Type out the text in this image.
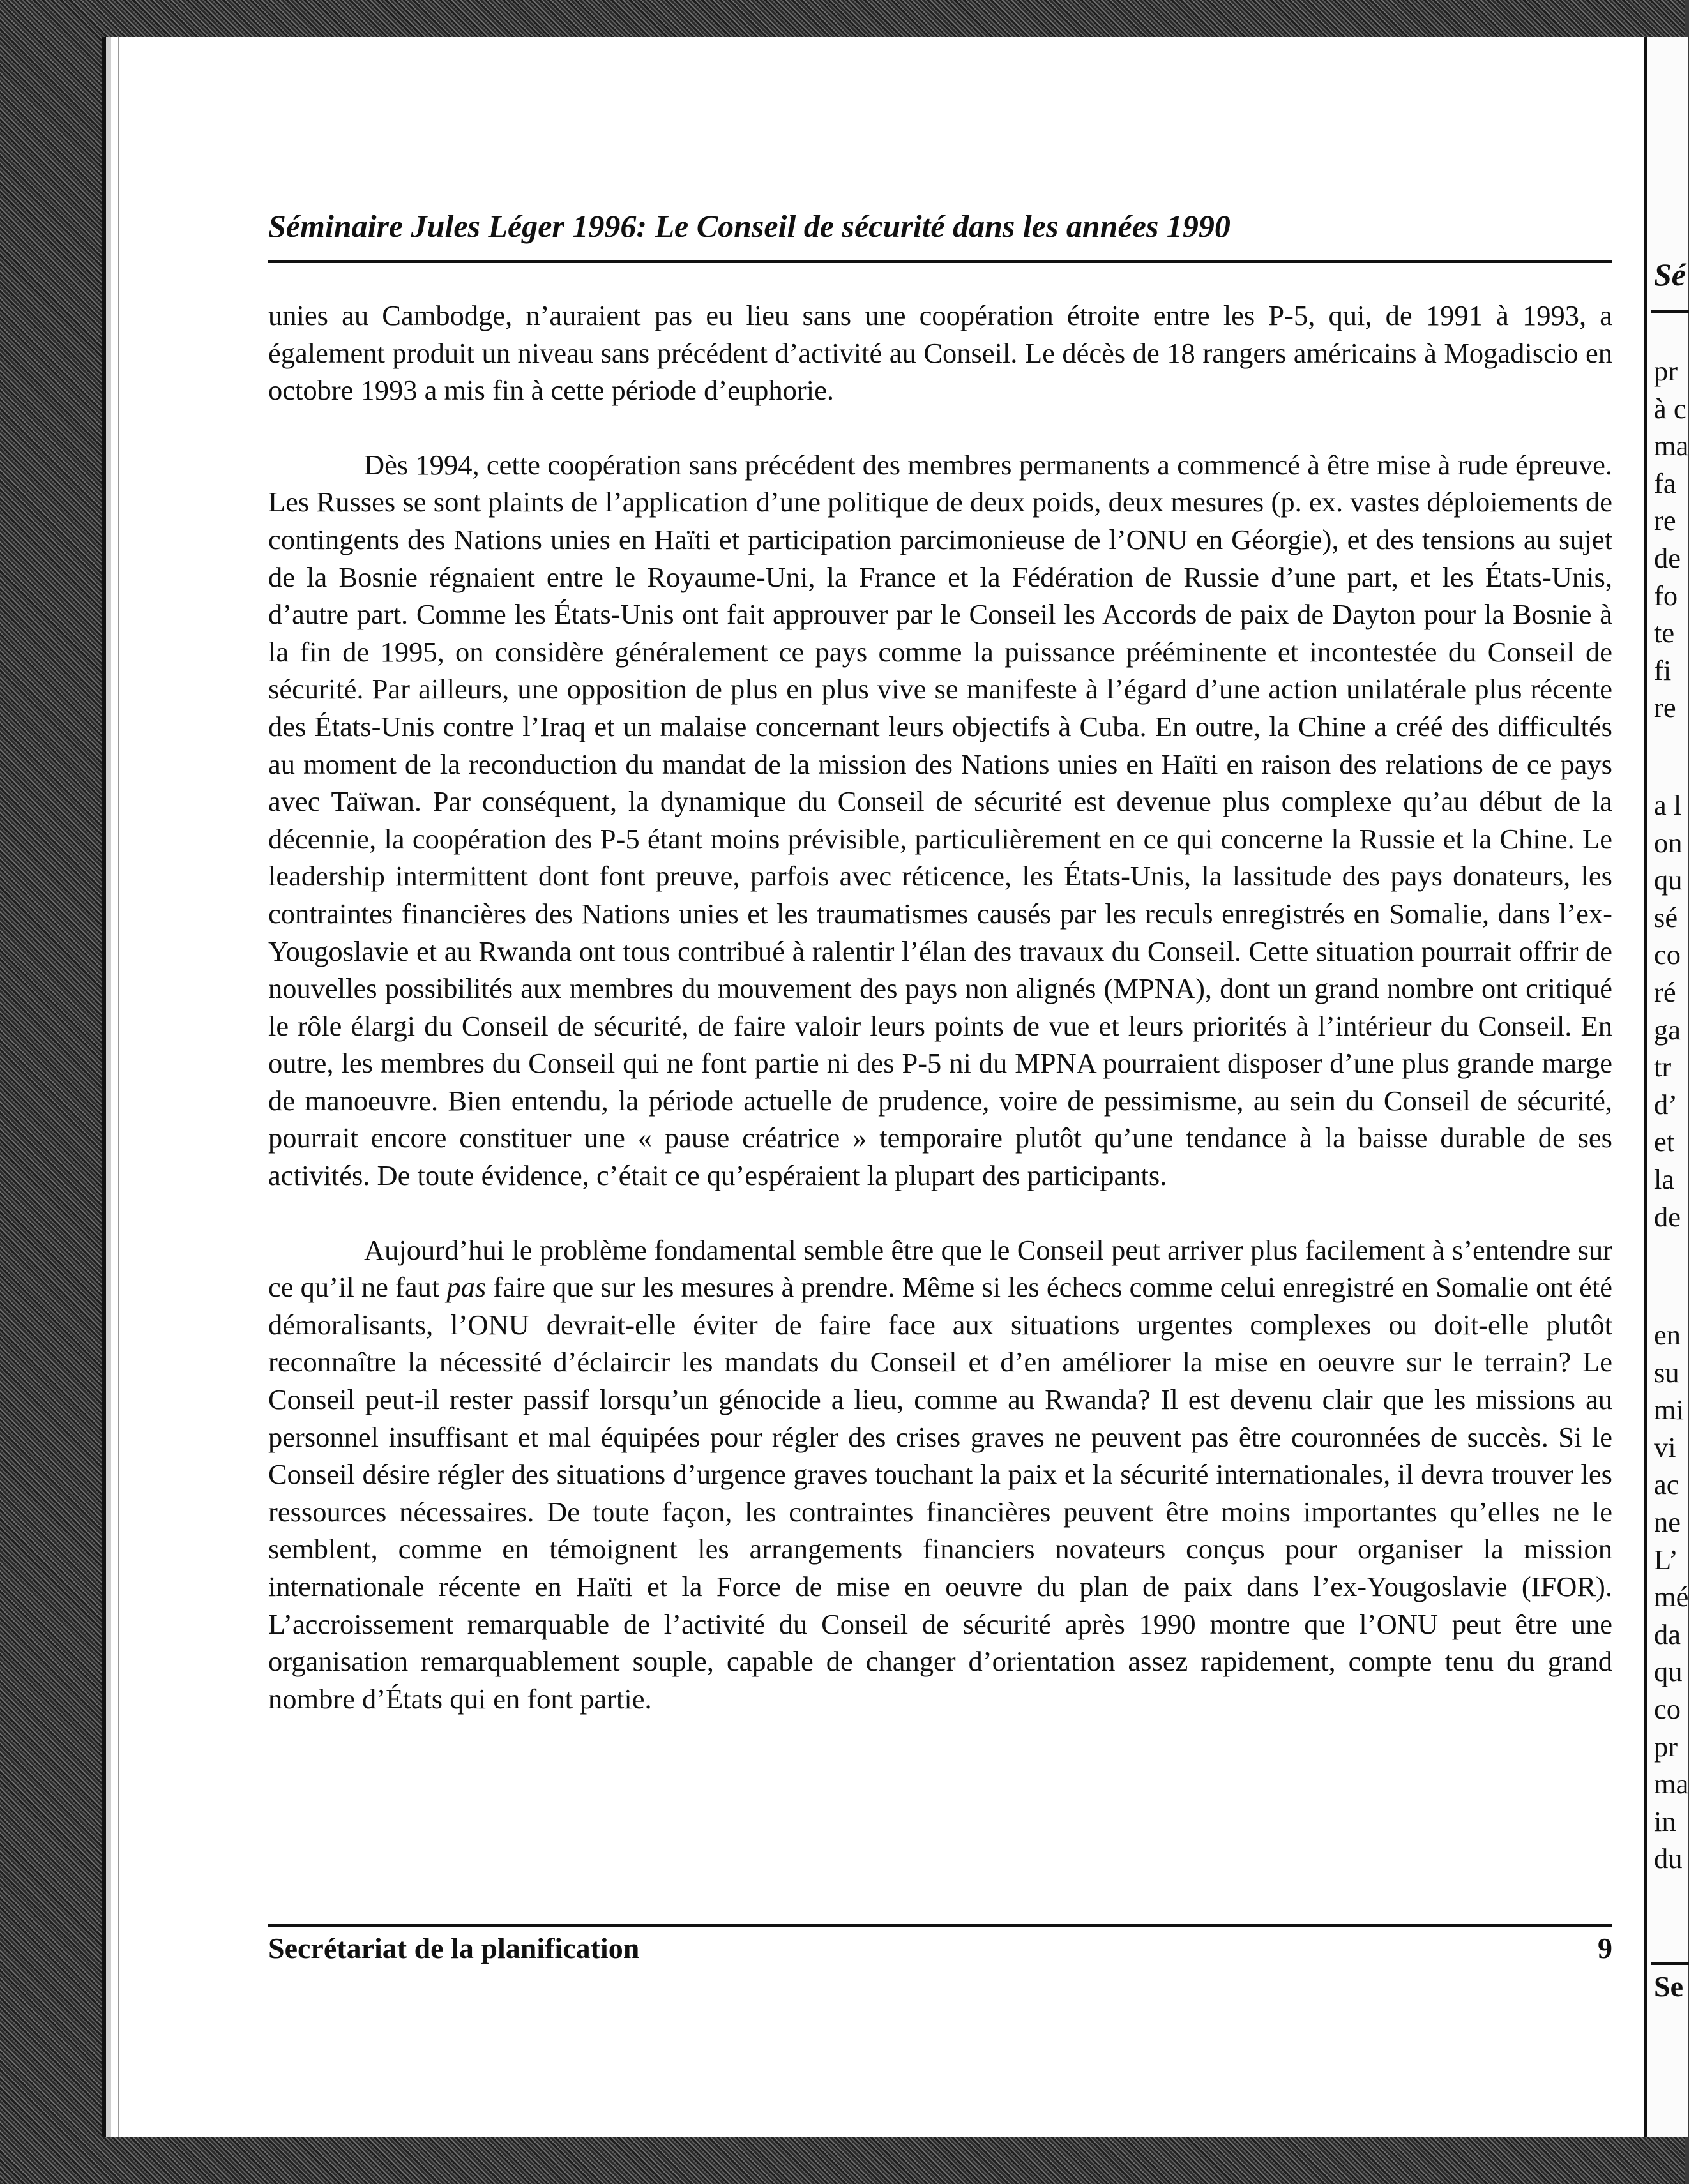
Séminaire Jules Léger 1996: Le Conseil de sécurité dans les années 1990

unies au Cambodge, n’auraient pas eu lieu sans une coopération étroite entre les P-5, qui, de 1991 à 1993, a également produit un niveau sans précédent d’activité au Conseil. Le décès de 18 rangers américains à Mogadiscio en octobre 1993 a mis fin à cette période d’euphorie.

Dès 1994, cette coopération sans précédent des membres permanents a commencé à être mise à rude épreuve. Les Russes se sont plaints de l’application d’une politique de deux poids, deux mesures (p. ex. vastes déploiements de contingents des Nations unies en Haïti et participation parcimonieuse de l’ONU en Géorgie), et des tensions au sujet de la Bosnie régnaient entre le Royaume-Uni, la France et la Fédération de Russie d’une part, et les États-Unis, d’autre part. Comme les États-Unis ont fait approuver par le Conseil les Accords de paix de Dayton pour la Bosnie à la fin de 1995, on considère généralement ce pays comme la puissance prééminente et incontestée du Conseil de sécurité. Par ailleurs, une opposition de plus en plus vive se manifeste à l’égard d’une action unilatérale plus récente des États-Unis contre l’Iraq et un malaise concernant leurs objectifs à Cuba. En outre, la Chine a créé des difficultés au moment de la reconduction du mandat de la mission des Nations unies en Haïti en raison des relations de ce pays avec Taïwan. Par conséquent, la dynamique du Conseil de sécurité est devenue plus complexe qu’au début de la décennie, la coopération des P-5 étant moins prévisible, particulièrement en ce qui concerne la Russie et la Chine. Le leadership intermittent dont font preuve, parfois avec réticence, les États-Unis, la lassitude des pays donateurs, les contraintes financières des Nations unies et les traumatismes causés par les reculs enregistrés en Somalie, dans l’ex-Yougoslavie et au Rwanda ont tous contribué à ralentir l’élan des travaux du Conseil. Cette situation pourrait offrir de nouvelles possibilités aux membres du mouvement des pays non alignés (MPNA), dont un grand nombre ont critiqué le rôle élargi du Conseil de sécurité, de faire valoir leurs points de vue et leurs priorités à l’intérieur du Conseil. En outre, les membres du Conseil qui ne font partie ni des P-5 ni du MPNA pourraient disposer d’une plus grande marge de manoeuvre. Bien entendu, la période actuelle de prudence, voire de pessimisme, au sein du Conseil de sécurité, pourrait encore constituer une « pause créatrice » temporaire plutôt qu’une tendance à la baisse durable de ses activités. De toute évidence, c’était ce qu’espéraient la plupart des participants.

Aujourd’hui le problème fondamental semble être que le Conseil peut arriver plus facilement à s’entendre sur ce qu’il ne faut pas faire que sur les mesures à prendre. Même si les échecs comme celui enregistré en Somalie ont été démoralisants, l’ONU devrait-elle éviter de faire face aux situations urgentes complexes ou doit-elle plutôt reconnaître la nécessité d’éclaircir les mandats du Conseil et d’en améliorer la mise en oeuvre sur le terrain? Le Conseil peut-il rester passif lorsqu’un génocide a lieu, comme au Rwanda? Il est devenu clair que les missions au personnel insuffisant et mal équipées pour régler des crises graves ne peuvent pas être couronnées de succès. Si le Conseil désire régler des situations d’urgence graves touchant la paix et la sécurité internationales, il devra trouver les ressources nécessaires. De toute façon, les contraintes financières peuvent être moins importantes qu’elles ne le semblent, comme en témoignent les arrangements financiers novateurs conçus pour organiser la mission internationale récente en Haïti et la Force de mise en oeuvre du plan de paix dans l’ex-Yougoslavie (IFOR). L’accroissement remarquable de l’activité du Conseil de sécurité après 1990 montre que l’ONU peut être une organisation remarquablement souple, capable de changer d’orientation assez rapidement, compte tenu du grand nombre d’États qui en font partie.

Secrétariat de la planification	9
Sé
pr
à c
ma
fa
re
de
fo
te
fi
re
a l
on
qu
sé
co
ré
ga
tr
d’
et
la
de
en
su
mi
vi
ac
ne
L’
mé
da
qu
co
pr
ma
in
du
Se
